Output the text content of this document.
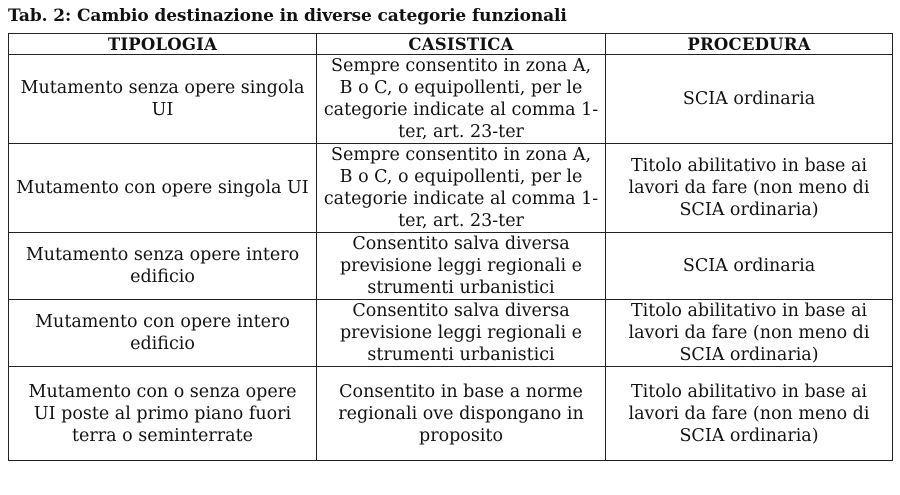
Tab. 2: Cambio destinazione in diverse categorie funzionali
TIPOLOGIA	CASISTICA	PROCEDURA
Mutamento senza opere singola UI	Sempre consentito in zona A, B o C, o equipollenti, per le categorie indicate al comma 1-ter, art. 23-ter	SCIA ordinaria
Mutamento con opere singola UI	Sempre consentito in zona A, B o C, o equipollenti, per le categorie indicate al comma 1-ter, art. 23-ter	Titolo abilitativo in base ai lavori da fare (non meno di SCIA ordinaria)
Mutamento senza opere intero edificio	Consentito salva diversa previsione leggi regionali e strumenti urbanistici	SCIA ordinaria
Mutamento con opere intero edificio	Consentito salva diversa previsione leggi regionali e strumenti urbanistici	Titolo abilitativo in base ai lavori da fare (non meno di SCIA ordinaria)
Mutamento con o senza opere UI poste al primo piano fuori terra o seminterrate	Consentito in base a norme regionali ove dispongano in proposito	Titolo abilitativo in base ai lavori da fare (non meno di SCIA ordinaria)
